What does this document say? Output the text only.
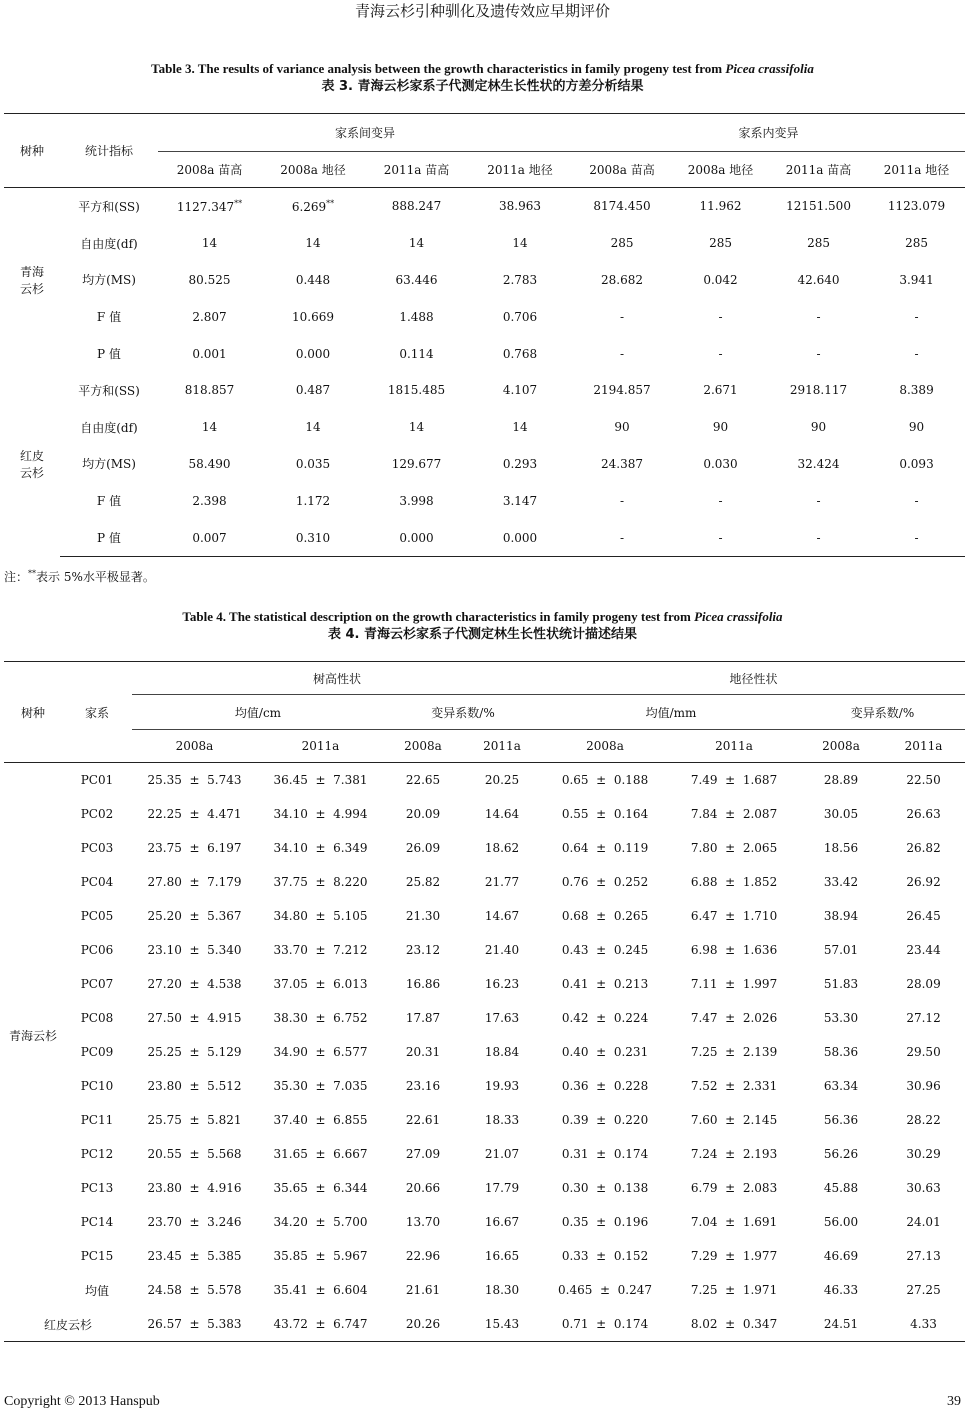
青海云杉引种驯化及遗传效应早期评价
Table 3. The results of variance analysis between the growth characteristics in family progeny test from Picea crassifolia
表 3. 青海云杉家系子代测定林生长性状的方差分析结果
树种	统计指标	家系间变异				家系内变异			
		2008a 苗高	2008a 地径	2011a 苗高	2011a 地径	2008a 苗高	2008a 地径	2011a 苗高	2011a 地径
青海
云杉	平方和(SS)	1127.347**	6.269**	888.247	38.963	8174.450	11.962	12151.500	1123.079
	自由度(df)	14	14	14	14	285	285	285	285
	均方(MS)	80.525	0.448	63.446	2.783	28.682	0.042	42.640	3.941
	F 值	2.807	10.669	1.488	0.706	-	-	-	-
	P 值	0.001	0.000	0.114	0.768	-	-	-	-
红皮
云杉	平方和(SS)	818.857	0.487	1815.485	4.107	2194.857	2.671	2918.117	8.389
	自由度(df)	14	14	14	14	90	90	90	90
	均方(MS)	58.490	0.035	129.677	0.293	24.387	0.030	32.424	0.093
	F 值	2.398	1.172	3.998	3.147	-	-	-	-
	P 值	0.007	0.310	0.000	0.000	-	-	-	-
注：**表示 5%水平极显著。
Table 4. The statistical description on the growth characteristics in family progeny test from Picea crassifolia
表 4. 青海云杉家系子代测定林生长性状统计描述结果
树种	家系	树高性状				地径性状			
		均值/cm		变异系数/%		均值/mm		变异系数/%	
		2008a	2011a	2008a	2011a	2008a	2011a	2008a	2011a
青海云杉	PC01	25.35  ±  5.743	36.45  ±  7.381	22.65	20.25	0.65  ±  0.188	7.49  ±  1.687	28.89	22.50
	PC02	22.25  ±  4.471	34.10  ±  4.994	20.09	14.64	0.55  ±  0.164	7.84  ±  2.087	30.05	26.63
	PC03	23.75  ±  6.197	34.10  ±  6.349	26.09	18.62	0.64  ±  0.119	7.80  ±  2.065	18.56	26.82
	PC04	27.80  ±  7.179	37.75  ±  8.220	25.82	21.77	0.76  ±  0.252	6.88  ±  1.852	33.42	26.92
	PC05	25.20  ±  5.367	34.80  ±  5.105	21.30	14.67	0.68  ±  0.265	6.47  ±  1.710	38.94	26.45
	PC06	23.10  ±  5.340	33.70  ±  7.212	23.12	21.40	0.43  ±  0.245	6.98  ±  1.636	57.01	23.44
	PC07	27.20  ±  4.538	37.05  ±  6.013	16.86	16.23	0.41  ±  0.213	7.11  ±  1.997	51.83	28.09
	PC08	27.50  ±  4.915	38.30  ±  6.752	17.87	17.63	0.42  ±  0.224	7.47  ±  2.026	53.30	27.12
	PC09	25.25  ±  5.129	34.90  ±  6.577	20.31	18.84	0.40  ±  0.231	7.25  ±  2.139	58.36	29.50
	PC10	23.80  ±  5.512	35.30  ±  7.035	23.16	19.93	0.36  ±  0.228	7.52  ±  2.331	63.34	30.96
	PC11	25.75  ±  5.821	37.40  ±  6.855	22.61	18.33	0.39  ±  0.220	7.60  ±  2.145	56.36	28.22
	PC12	20.55  ±  5.568	31.65  ±  6.667	27.09	21.07	0.31  ±  0.174	7.24  ±  2.193	56.26	30.29
	PC13	23.80  ±  4.916	35.65  ±  6.344	20.66	17.79	0.30  ±  0.138	6.79  ±  2.083	45.88	30.63
	PC14	23.70  ±  3.246	34.20  ±  5.700	13.70	16.67	0.35  ±  0.196	7.04  ±  1.691	56.00	24.01
	PC15	23.45  ±  5.385	35.85  ±  5.967	22.96	16.65	0.33  ±  0.152	7.29  ±  1.977	46.69	27.13
	均值	24.58  ±  5.578	35.41  ±  6.604	21.61	18.30	0.465  ±  0.247	7.25  ±  1.971	46.33	27.25
红皮云杉		26.57  ±  5.383	43.72  ±  6.747	20.26	15.43	0.71  ±  0.174	8.02  ±  0.347	24.51	4.33
Copyright © 2013 Hanspub	39
